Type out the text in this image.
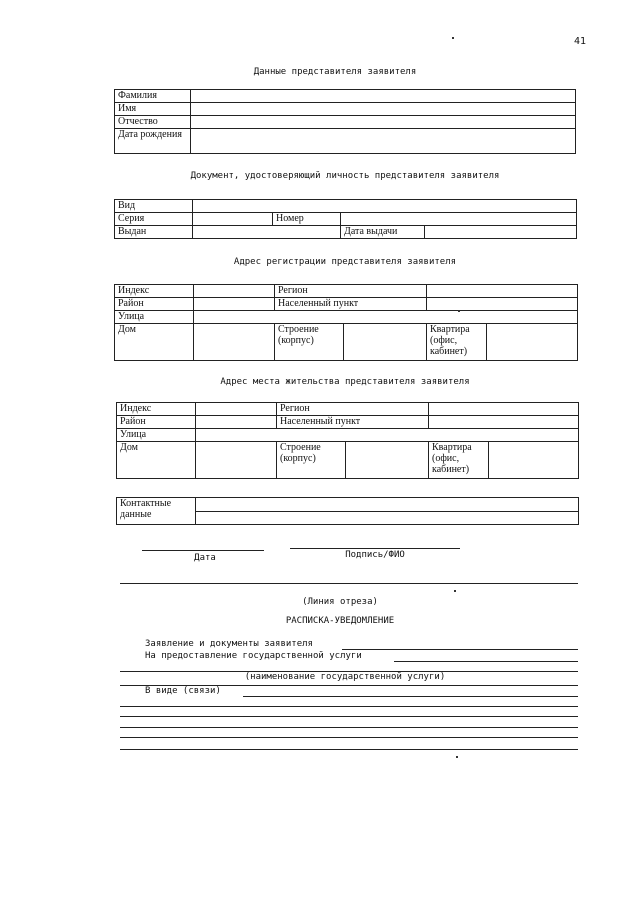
41
Данные представителя заявителя
Фамилия	
Имя	
Отчество	
Дата рождения	
Документ, удостоверяющий личность представителя заявителя
Вид				
Серия		Номер		
Выдан			Дата выдачи	
Адрес регистрации представителя заявителя
Индекс		Регион			
Район		Населенный пункт			
Улица					
Дом		Строение (корпус)		Квартира (офис, кабинет)	
Адрес места жительства представителя заявителя
Индекс		Регион			
Район		Населенный пункт			
Улица					
Дом		Строение (корпус)		Квартира (офис, кабинет)	
Контактные данные	

Дата	Подпись/ФИО
(Линия отреза)
РАСПИСКА-УВЕДОМЛЕНИЕ
Заявление и документы заявителя
На предоставление государственной услуги
(наименование государственной услуги)
В виде (связи)
